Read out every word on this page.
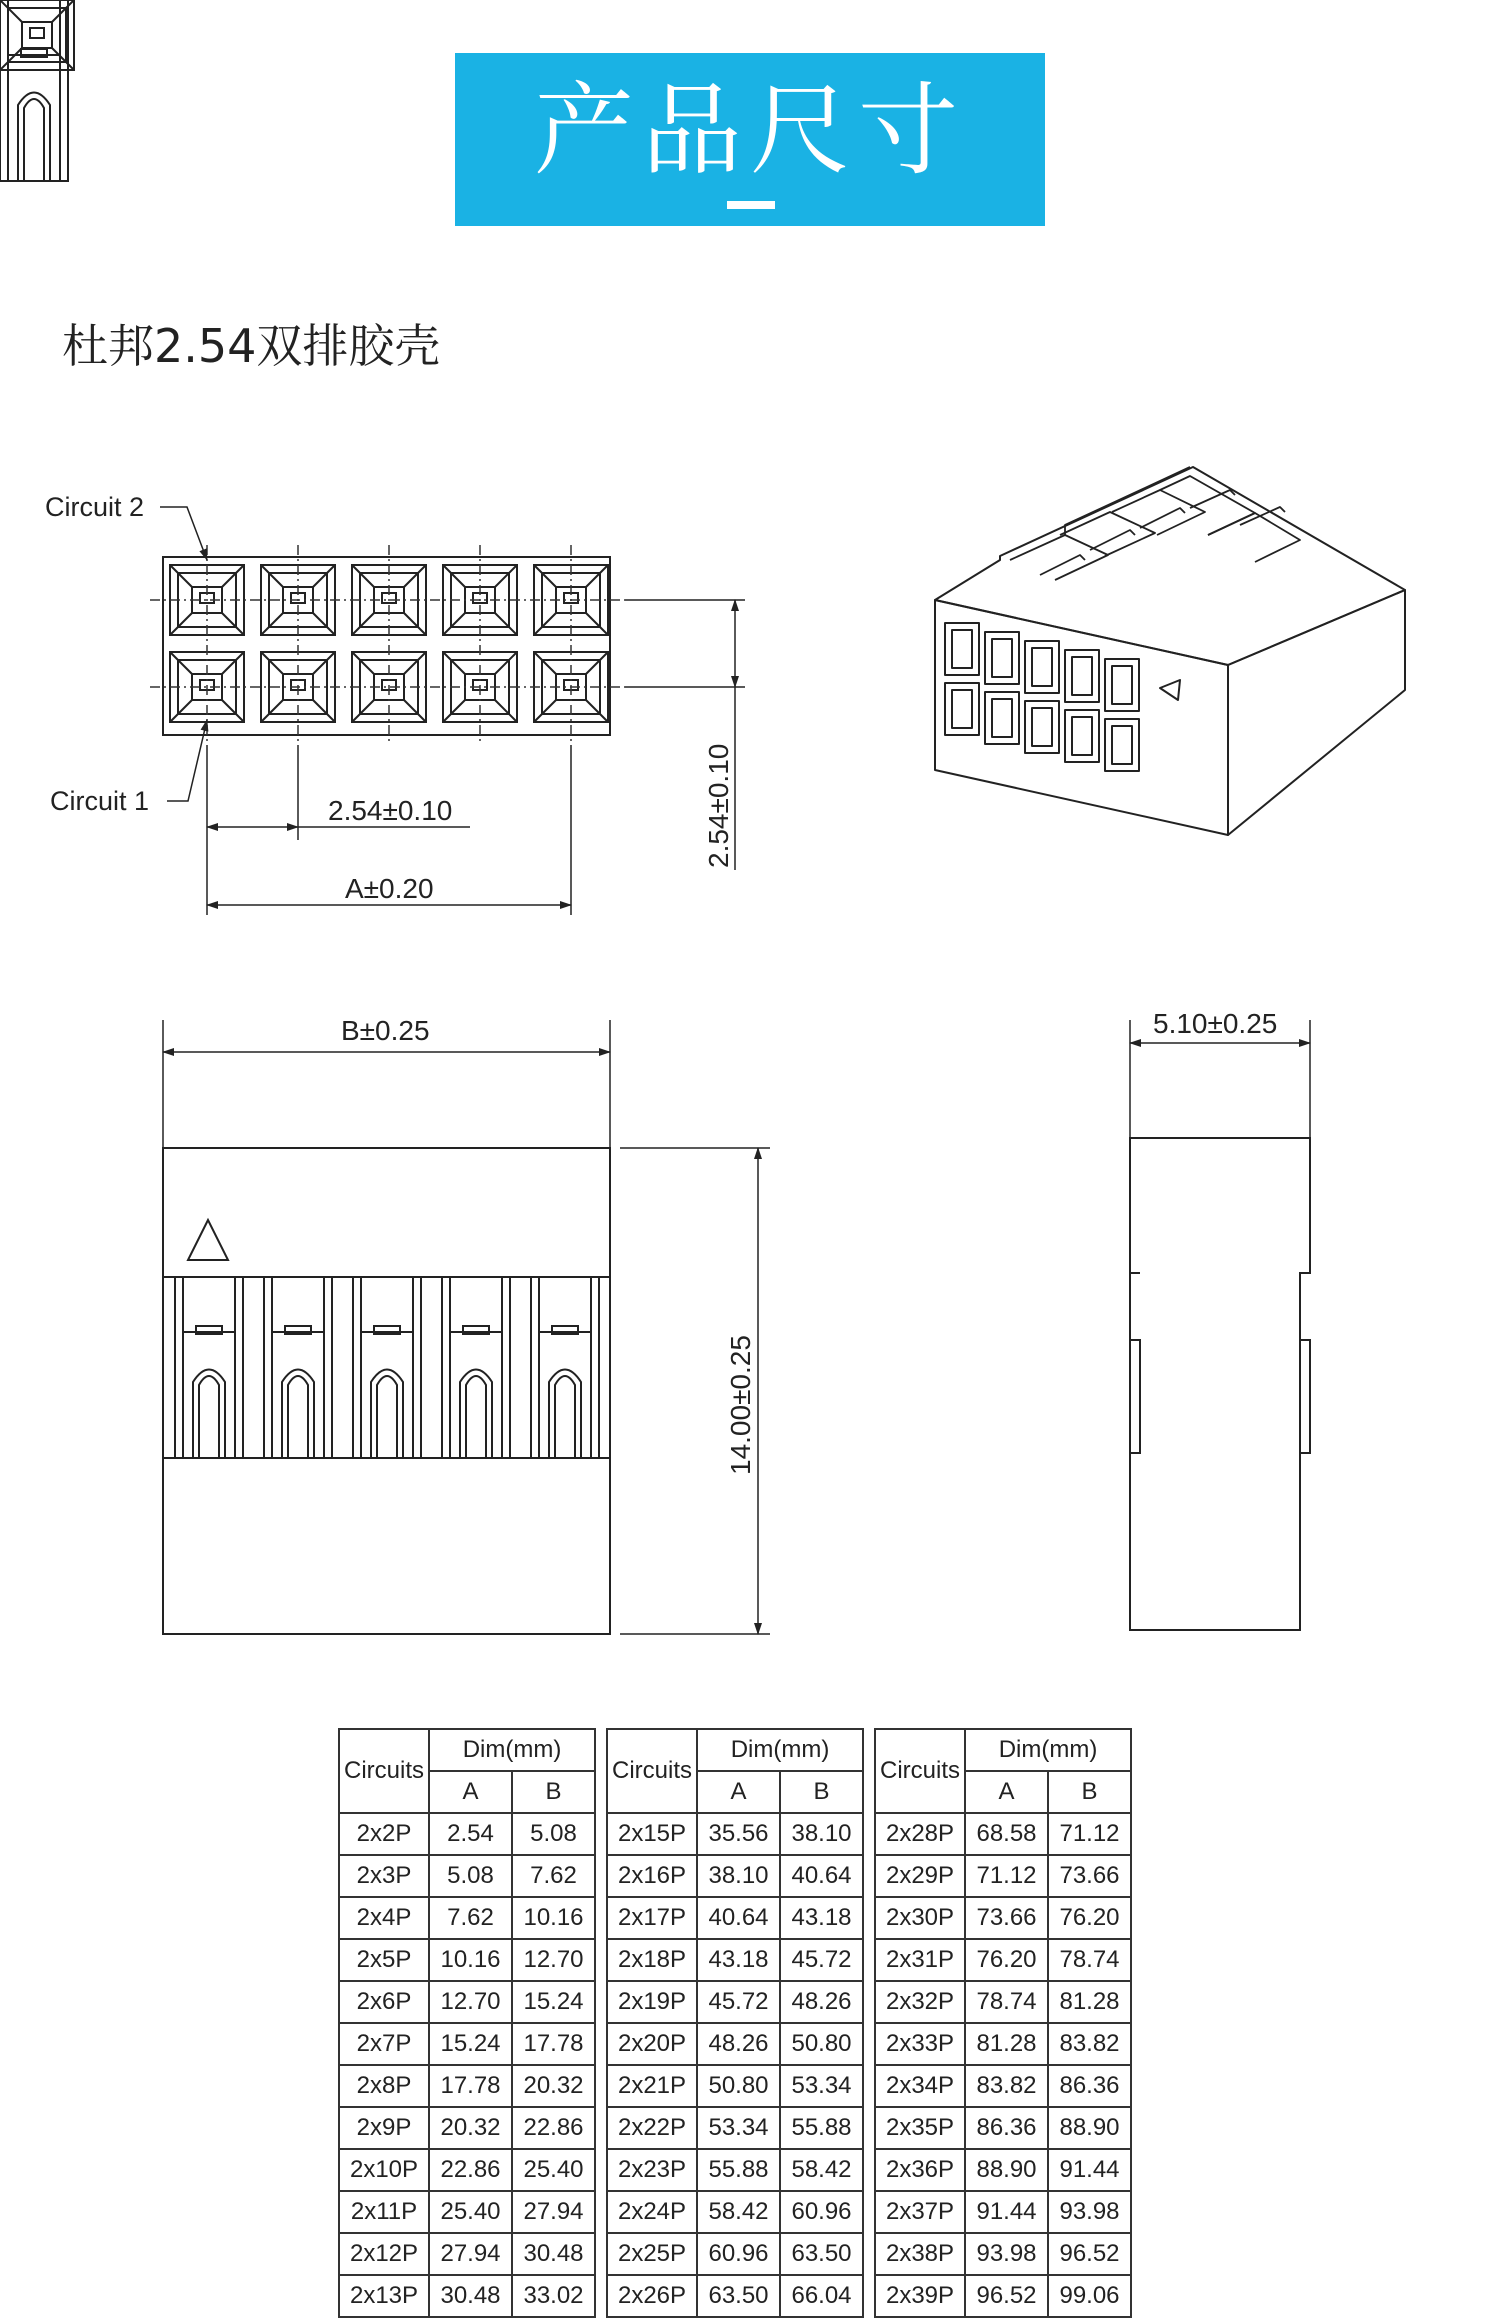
产品尺寸
杜邦2.54双排胶壳
Circuit 2
Circuit 1	2.54±0.10
A±0.20
2.54±0.10
B±0.25
14.00±0.25
5.10±0.25
Circuits	Dim(mm)	
	A	B
2x2P	2.54	5.08
2x3P	5.08	7.62
2x4P	7.62	10.16
2x5P	10.16	12.70
2x6P	12.70	15.24
2x7P	15.24	17.78
2x8P	17.78	20.32
2x9P	20.32	22.86
2x10P	22.86	25.40
2x11P	25.40	27.94
2x12P	27.94	30.48
2x13P	30.48	33.02
Circuits	Dim(mm)	
	A	B
2x15P	35.56	38.10
2x16P	38.10	40.64
2x17P	40.64	43.18
2x18P	43.18	45.72
2x19P	45.72	48.26
2x20P	48.26	50.80
2x21P	50.80	53.34
2x22P	53.34	55.88
2x23P	55.88	58.42
2x24P	58.42	60.96
2x25P	60.96	63.50
2x26P	63.50	66.04
Circuits	Dim(mm)	
	A	B
2x28P	68.58	71.12
2x29P	71.12	73.66
2x30P	73.66	76.20
2x31P	76.20	78.74
2x32P	78.74	81.28
2x33P	81.28	83.82
2x34P	83.82	86.36
2x35P	86.36	88.90
2x36P	88.90	91.44
2x37P	91.44	93.98
2x38P	93.98	96.52
2x39P	96.52	99.06
